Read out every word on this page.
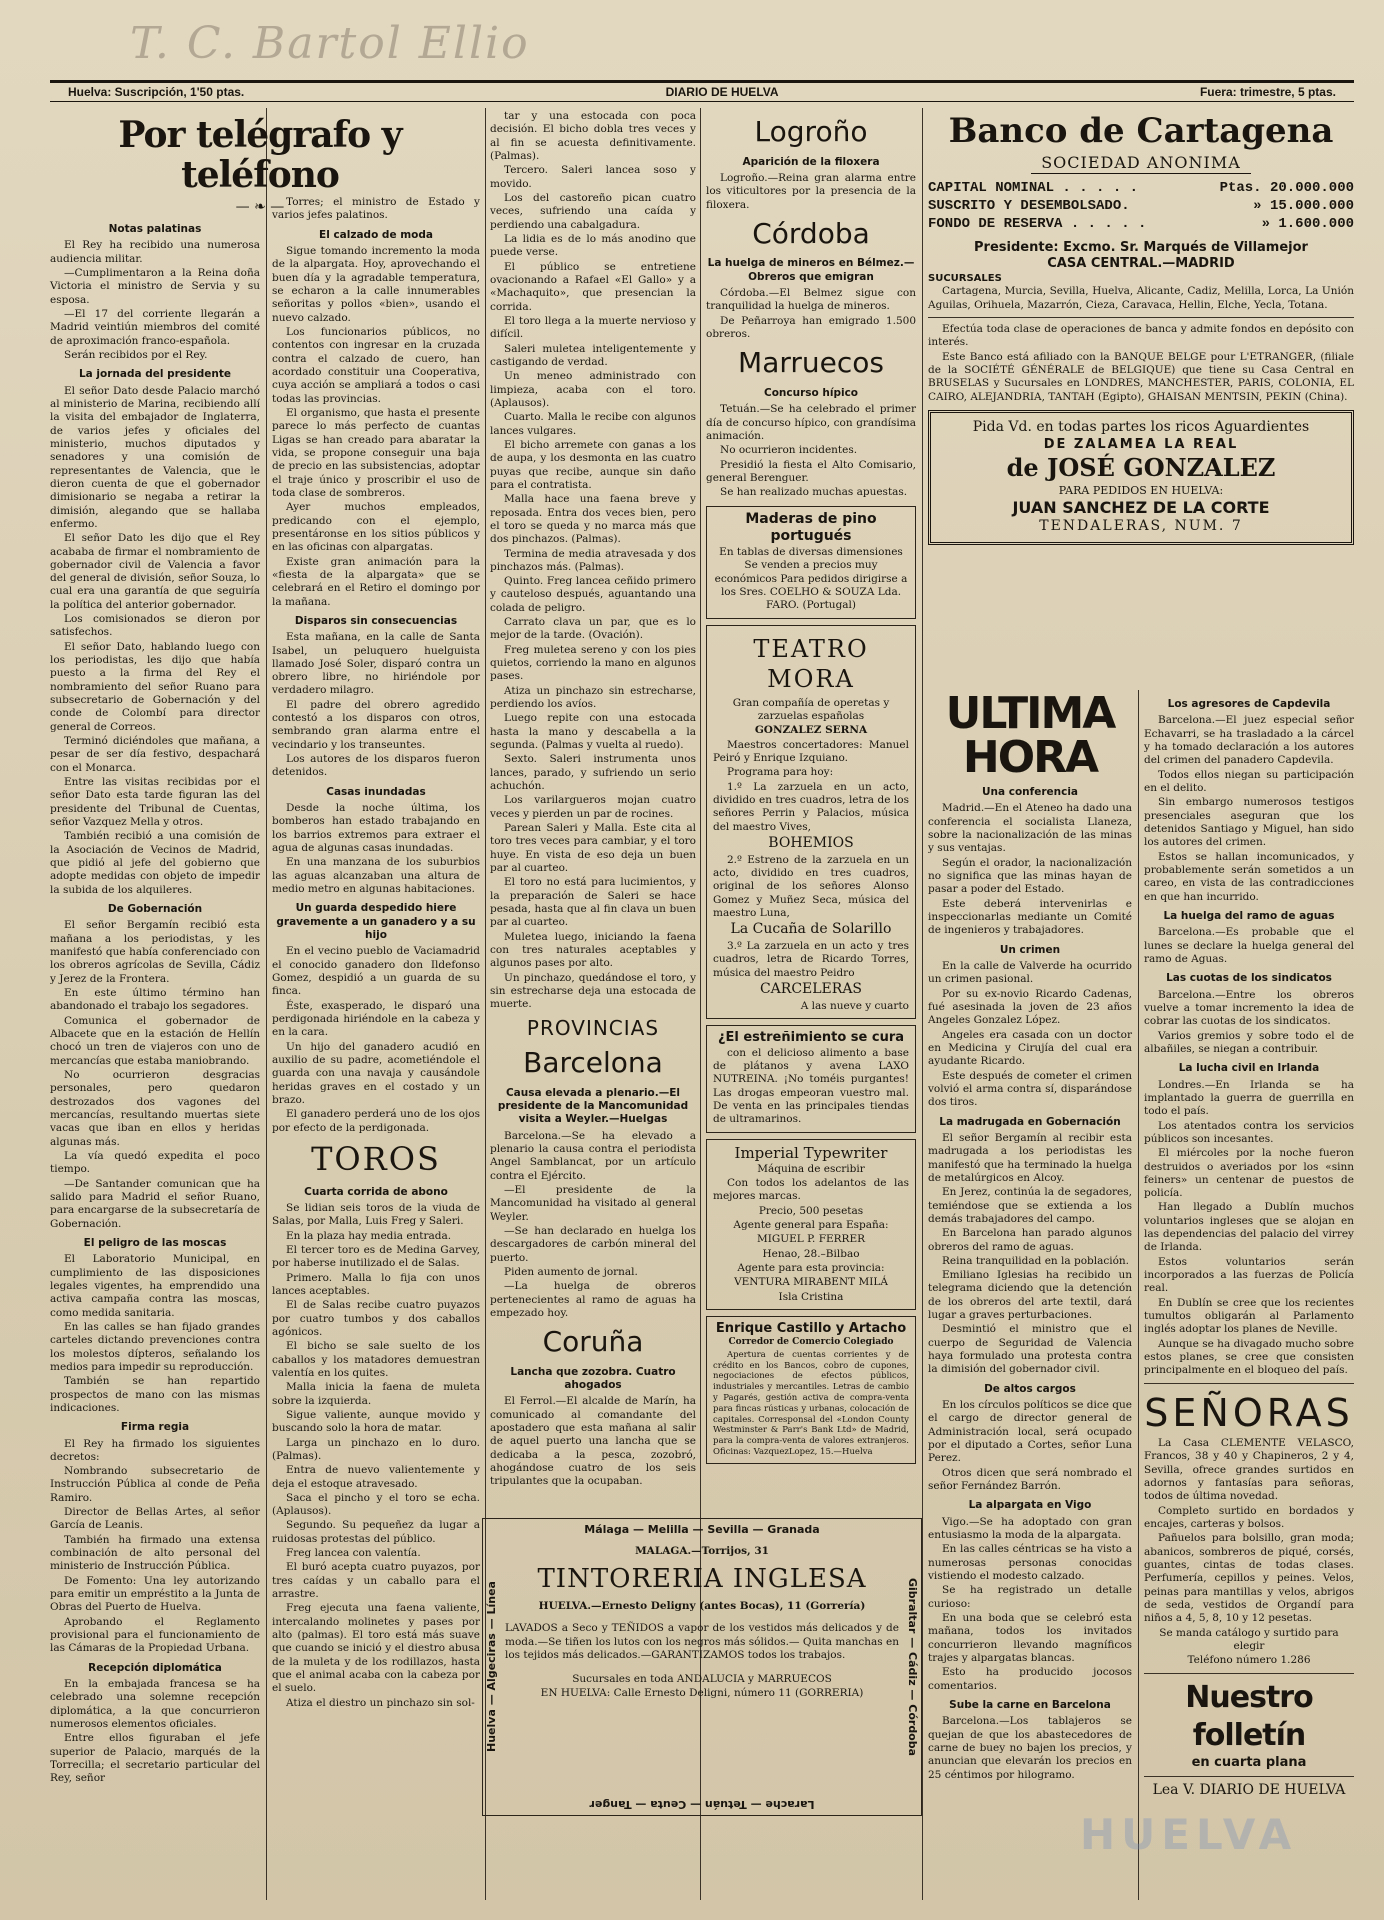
T. C. Bartol Ellio
Huelva: Suscripción, 1'50 ptas.	DIARIO DE HUELVA	Fuera: trimestre, 5 ptas.
Por telégrafo y teléfono
— ❧ —
Notas palatinas

El Rey ha recibido una numerosa audiencia militar.

—Cumplimentaron a la Reina doña Victoria el ministro de Servia y su esposa.

—El 17 del corriente llegarán a Madrid veintiún miembros del comité de aproximación franco-española.

Serán recibidos por el Rey.

La jornada del presidente

El señor Dato desde Palacio marchó al ministerio de Marina, recibiendo allí la visita del embajador de Inglaterra, de varios jefes y oficiales del ministerio, muchos diputados y senadores y una comisión de representantes de Valencia, que le dieron cuenta de que el gobernador dimisionario se negaba a retirar la dimisión, alegando que se hallaba enfermo.

El señor Dato les dijo que el Rey acababa de firmar el nombramiento de gobernador civil de Valencia a favor del general de división, señor Souza, lo cual era una garantía de que seguiría la política del anterior gobernador.

Los comisionados se dieron por satisfechos.

El señor Dato, hablando luego con los periodistas, les dijo que había puesto a la firma del Rey el nombramiento del señor Ruano para subsecretario de Gobernación y del conde de Colombí para director general de Correos.

Terminó diciéndoles que mañana, a pesar de ser día festivo, despachará con el Monarca.

Entre las visitas recibidas por el señor Dato esta tarde figuran las del presidente del Tribunal de Cuentas, señor Vazquez Mella y otros.

También recibió a una comisión de la Asociación de Vecinos de Madrid, que pidió al jefe del gobierno que adopte medidas con objeto de impedir la subida de los alquileres.

De Gobernación

El señor Bergamín recibió esta mañana a los periodistas, y les manifestó que había conferenciado con los obreros agrícolas de Sevilla, Cádiz y Jerez de la Frontera.

En este último término han abandonado el trabajo los segadores.

Comunica el gobernador de Albacete que en la estación de Hellín chocó un tren de viajeros con uno de mercancías que estaba maniobrando.

No ocurrieron desgracias personales, pero quedaron destrozados dos vagones del mercancías, resultando muertas siete vacas que iban en ellos y heridas algunas más.

La vía quedó expedita el poco tiempo.

—De Santander comunican que ha salido para Madrid el señor Ruano, para encargarse de la subsecretaría de Gobernación.

El peligro de las moscas

El Laboratorio Municipal, en cumplimiento de las disposiciones legales vigentes, ha emprendido una activa campaña contra las moscas, como medida sanitaria.

En las calles se han fijado grandes carteles dictando prevenciones contra los molestos dípteros, señalando los medios para impedir su reproducción.

También se han repartido prospectos de mano con las mismas indicaciones.

Firma regia

El Rey ha firmado los siguientes decretos:

Nombrando subsecretario de Instrucción Pública al conde de Peña Ramiro.

Director de Bellas Artes, al señor García de Leanis.

También ha firmado una extensa combinación de alto personal del ministerio de Instrucción Pública.

De Fomento: Una ley autorizando para emitir un empréstito a la Junta de Obras del Puerto de Huelva.

Aprobando el Reglamento provisional para el funcionamiento de las Cámaras de la Propiedad Urbana.

Recepción diplomática

En la embajada francesa se ha celebrado una solemne recepción diplomática, a la que concurrieron numerosos elementos oficiales.

Entre ellos figuraban el jefe superior de Palacio, marqués de la Torrecilla; el secretario particular del Rey, señor

Torres; el ministro de Estado y varios jefes palatinos.

El calzado de moda

Sigue tomando incremento la moda de la alpargata. Hoy, aprovechando el buen día y la agradable temperatura, se echaron a la calle innumerables señoritas y pollos «bien», usando el nuevo calzado.

Los funcionarios públicos, no contentos con ingresar en la cruzada contra el calzado de cuero, han acordado constituir una Cooperativa, cuya acción se ampliará a todos o casi todas las provincias.

El organismo, que hasta el presente parece lo más perfecto de cuantas Ligas se han creado para abaratar la vida, se propone conseguir una baja de precio en las subsistencias, adoptar el traje único y proscribir el uso de toda clase de sombreros.

Ayer muchos empleados, predicando con el ejemplo, presentáronse en los sitios públicos y en las oficinas con alpargatas.

Existe gran animación para la «fiesta de la alpargata» que se celebrará en el Retiro el domingo por la mañana.

Disparos sin consecuencias

Esta mañana, en la calle de Santa Isabel, un peluquero huelguista llamado José Soler, disparó contra un obrero libre, no hiriéndole por verdadero milagro.

El padre del obrero agredido contestó a los disparos con otros, sembrando gran alarma entre el vecindario y los transeuntes.

Los autores de los disparos fueron detenidos.

Casas inundadas

Desde la noche última, los bomberos han estado trabajando en los barrios extremos para extraer el agua de algunas casas inundadas.

En una manzana de los suburbios las aguas alcanzaban una altura de medio metro en algunas habitaciones.

Un guarda despedido hiere gravemente a un ganadero y a su hijo

En el vecino pueblo de Vaciamadrid el conocido ganadero don Ildefonso Gomez, despidió a un guarda de su finca.

Éste, exasperado, le disparó una perdigonada hiriéndole en la cabeza y en la cara.

Un hijo del ganadero acudió en auxilio de su padre, acometiéndole el guarda con una navaja y causándole heridas graves en el costado y un brazo.

El ganadero perderá uno de los ojos por efecto de la perdigonada.

TOROS
Cuarta corrida de abono

Se lidian seis toros de la viuda de Salas, por Malla, Luis Freg y Saleri.

En la plaza hay media entrada.

El tercer toro es de Medina Garvey, por haberse inutilizado el de Salas.

Primero. Malla lo fija con unos lances aceptables.

El de Salas recibe cuatro puyazos por cuatro tumbos y dos caballos agónicos.

El bicho se sale suelto de los caballos y los matadores demuestran valentía en los quites.

Malla inicia la faena de muleta sobre la izquierda.

Sigue valiente, aunque movido y buscando solo la hora de matar.

Larga un pinchazo en lo duro. (Palmas).

Entra de nuevo valientemente y deja el estoque atravesado.

Saca el pincho y el toro se echa. (Aplausos).

Segundo. Su pequeñez da lugar a ruidosas protestas del público.

Freg lancea con valentía.

El buró acepta cuatro puyazos, por tres caídas y un caballo para el arrastre.

Freg ejecuta una faena valiente, intercalando molinetes y pases por alto (palmas). El toro está más suave que cuando se inició y el diestro abusa de la muleta y de los rodillazos, hasta que el animal acaba con la cabeza por el suelo.

Atiza el diestro un pinchazo sin sol-

tar y una estocada con poca decisión. El bicho dobla tres veces y al fin se acuesta definitivamente. (Palmas).

Tercero. Saleri lancea soso y movido.

Los del castoreño pican cuatro veces, sufriendo una caída y perdiendo una cabalgadura.

La lidia es de lo más anodino que puede verse.

El público se entretiene ovacionando a Rafael «El Gallo» y a «Machaquito», que presencian la corrida.

El toro llega a la muerte nervioso y difícil.

Saleri muletea inteligentemente y castigando de verdad.

Un meneo administrado con limpieza, acaba con el toro. (Aplausos).

Cuarto. Malla le recibe con algunos lances vulgares.

El bicho arremete con ganas a los de aupa, y los desmonta en las cuatro puyas que recibe, aunque sin daño para el contratista.

Malla hace una faena breve y reposada. Entra dos veces bien, pero el toro se queda y no marca más que dos pinchazos. (Palmas).

Termina de media atravesada y dos pinchazos más. (Palmas).

Quinto. Freg lancea ceñido primero y cauteloso después, aguantando una colada de peligro.

Carrato clava un par, que es lo mejor de la tarde. (Ovación).

Freg muletea sereno y con los pies quietos, corriendo la mano en algunos pases.

Atiza un pinchazo sin estrecharse, perdiendo los avíos.

Luego repite con una estocada hasta la mano y descabella a la segunda. (Palmas y vuelta al ruedo).

Sexto. Saleri instrumenta unos lances, parado, y sufriendo un serio achuchón.

Los varilargueros mojan cuatro veces y pierden un par de rocines.

Parean Saleri y Malla. Este cita al toro tres veces para cambiar, y el toro huye. En vista de eso deja un buen par al cuarteo.

El toro no está para lucimientos, y la preparación de Saleri se hace pesada, hasta que al fin clava un buen par al cuarteo.

Muletea luego, iniciando la faena con tres naturales aceptables y algunos pases por alto.

Un pinchazo, quedándose el toro, y sin estrecharse deja una estocada de muerte.

PROVINCIAS
Barcelona
Causa elevada a plenario.—El presidente de la Mancomunidad visita a Weyler.—Huelgas

Barcelona.—Se ha elevado a plenario la causa contra el periodista Angel Samblancat, por un artículo contra el Ejército.

—El presidente de la Mancomunidad ha visitado al general Weyler.

—Se han declarado en huelga los descargadores de carbón mineral del puerto.

Piden aumento de jornal.

—La huelga de obreros pertenecientes al ramo de aguas ha empezado hoy.

Coruña
Lancha que zozobra. Cuatro ahogados

El Ferrol.—El alcalde de Marín, ha comunicado al comandante del apostadero que esta mañana al salir de aquel puerto una lancha que se dedicaba a la pesca, zozobró, ahogándose cuatro de los seis tripulantes que la ocupaban.

Logroño
Aparición de la filoxera

Logroño.—Reina gran alarma entre los viticultores por la presencia de la filoxera.

Córdoba
La huelga de mineros en Bélmez.—Obreros que emigran

Córdoba.—El Belmez sigue con tranquilidad la huelga de mineros.

De Peñarroya han emigrado 1.500 obreros.

Marruecos
Concurso hípico

Tetuán.—Se ha celebrado el primer día de concurso hípico, con grandísima animación.

No ocurrieron incidentes.

Presidió la fiesta el Alto Comisario, general Berenguer.

Se han realizado muchas apuestas.

Maderas de pino portugués

En tablas de diversas dimensiones Se venden a precios muy económicos Para pedidos dirigirse a los Sres. COELHO & SOUZA Lda. FARO. (Portugal)

TEATRO MORA

Gran compañía de operetas y zarzuelas españolas

GONZALEZ SERNA

Maestros concertadores: Manuel Peiró y Enrique Izquiano.

Programa para hoy:

1.º La zarzuela en un acto, dividido en tres cuadros, letra de los señores Perrin y Palacios, música del maestro Vives,

BOHEMIOS

2.º Estreno de la zarzuela en un acto, dividido en tres cuadros, original de los señores Alonso Gomez y Muñez Seca, música del maestro Luna,

La Cucaña de Solarillo

3.º La zarzuela en un acto y tres cuadros, letra de Ricardo Torres, música del maestro Peidro

CARCELERAS

A las nueve y cuarto

¿El estreñimiento se cura

con el delicioso alimento a base de plátanos y avena LAXO NUTREINA. ¡No toméis purgantes! Las drogas empeoran vuestro mal. De venta en las principales tiendas de ultramarinos.

Imperial Typewriter

Máquina de escribir

Con todos los adelantos de las mejores marcas.

Precio, 500 pesetas

Agente general para España:

MIGUEL P. FERRER

Henao, 28.–Bilbao

Agente para esta provincia:

VENTURA MIRABENT MILÁ

Isla Cristina

Enrique Castillo y Artacho

Corredor de Comercio Colegiado

Apertura de cuentas corrientes y de crédito en los Bancos, cobro de cupones, negociaciones de efectos públicos, industriales y mercantiles. Letras de cambio y Pagarés, gestión activa de compra-venta para fincas rústicas y urbanas, colocación de capitales. Corresponsal del «London County Westminster & Parr's Bank Ltd» de Madrid, para la compra-venta de valores extranjeros. Oficinas: VazquezLopez, 15.—Huelva

Málaga — Melilla — Sevilla — Granada
Larache — Tetuán — Ceuta — Tanger
Huelva — Algeciras — Línea	Gibraltar — Cádiz — Córdoba

MALAGA.—Torrijos, 31

TINTORERIA INGLESA

HUELVA.—Ernesto Deligny (antes Bocas), 11 (Gorrería)

LAVADOS a Seco y TEÑIDOS a vapor de los vestidos más delicados y de moda.—Se tiñen los lutos con los negros más sólidos.— Quita manchas en los tejidos más delicados.—GARANTIZAMOS todos los trabajos.

Sucursales en toda ANDALUCIA y MARRUECOS

EN HUELVA: Calle Ernesto Deligni, número 11 (GORRERIA)

Banco de Cartagena
SOCIEDAD ANONIMA
CAPITAL NOMINAL . . . . .	Ptas. 20.000.000
SUSCRITO Y DESEMBOLSADO.	» 15.000.000
FONDO DE RESERVA . . . . .	» 1.600.000
Presidente: Excmo. Sr. Marqués de Villamejor
CASA CENTRAL.—MADRID
SUCURSALES

Cartagena, Murcia, Sevilla, Huelva, Alicante, Cadiz, Melilla, Lorca, La Unión Aguilas, Orihuela, Mazarrón, Cieza, Caravaca, Hellin, Elche, Yecla, Totana.

Efectúa toda clase de operaciones de banca y admite fondos en depósito con interés.

Este Banco está afiliado con la BANQUE BELGE pour L'ETRANGER, (filiale de la SOCIÉTÉ GÉNÉRALE de BELGIQUE) que tiene su Casa Central en BRUSELAS y Sucursales en LONDRES, MANCHESTER, PARIS, COLONIA, EL CAIRO, ALEJANDRIA, TANTAH (Egipto), GHAISAN MENTSIN, PEKIN (China).

Pida Vd. en todas partes los ricos Aguardientes
DE ZALAMEA LA REAL
de JOSÉ GONZALEZ
PARA PEDIDOS EN HUELVA:
JUAN SANCHEZ DE LA CORTE
TENDALERAS, NUM. 7
ULTIMA HORA
Una conferencia

Madrid.—En el Ateneo ha dado una conferencia el socialista Llaneza, sobre la nacionalización de las minas y sus ventajas.

Según el orador, la nacionalización no significa que las minas hayan de pasar a poder del Estado.

Este deberá intervenirlas e inspeccionarlas mediante un Comité de ingenieros y trabajadores.

Un crimen

En la calle de Valverde ha ocurrido un crimen pasional.

Por su ex-novio Ricardo Cadenas, fué asesinada la joven de 23 años Angeles Gonzalez López.

Angeles era casada con un doctor en Medicina y Cirujía del cual era ayudante Ricardo.

Este después de cometer el crimen volvió el arma contra sí, disparándose dos tiros.

La madrugada en Gobernación

El señor Bergamín al recibir esta madrugada a los periodistas les manifestó que ha terminado la huelga de metalúrgicos en Alcoy.

En Jerez, continúa la de segadores, temiéndose que se extienda a los demás trabajadores del campo.

En Barcelona han parado algunos obreros del ramo de aguas.

Reina tranquilidad en la población.

Emiliano Iglesias ha recibido un telegrama diciendo que la detención de los obreros del arte textil, dará lugar a graves perturbaciones.

Desmintió el ministro que el cuerpo de Seguridad de Valencia haya formulado una protesta contra la dimisión del gobernador civil.

De altos cargos

En los círculos políticos se dice que el cargo de director general de Administración local, será ocupado por el diputado a Cortes, señor Luna Perez.

Otros dicen que será nombrado el señor Fernández Barrón.

La alpargata en Vigo

Vigo.—Se ha adoptado con gran entusiasmo la moda de la alpargata.

En las calles céntricas se ha visto a numerosas personas conocidas vistiendo el modesto calzado.

Se ha registrado un detalle curioso:

En una boda que se celebró esta mañana, todos los invitados concurrieron llevando magníficos trajes y alpargatas blancas.

Esto ha producido jocosos comentarios.

Sube la carne en Barcelona

Barcelona.—Los tablajeros se quejan de que los abastecedores de carne de buey no bajen los precios, y anuncian que elevarán los precios en 25 céntimos por hilogramo.

Los agresores de Capdevila

Barcelona.—El juez especial señor Echavarri, se ha trasladado a la cárcel y ha tomado declaración a los autores del crimen del panadero Capdevila.

Todos ellos niegan su participación en el delito.

Sin embargo numerosos testigos presenciales aseguran que los detenidos Santiago y Miguel, han sido los autores del crimen.

Estos se hallan incomunicados, y probablemente serán sometidos a un careo, en vista de las contradicciones en que han incurrido.

La huelga del ramo de aguas

Barcelona.—Es probable que el lunes se declare la huelga general del ramo de Aguas.

Las cuotas de los sindicatos

Barcelona.—Entre los obreros vuelve a tomar incremento la idea de cobrar las cuotas de los sindicatos.

Varios gremios y sobre todo el de albañiles, se niegan a contribuir.

La lucha civil en Irlanda

Londres.—En Irlanda se ha implantado la guerra de guerrilla en todo el país.

Los atentados contra los servicios públicos son incesantes.

El miércoles por la noche fueron destruidos o averiados por los «sinn feiners» un centenar de puestos de policía.

Han llegado a Dublín muchos voluntarios ingleses que se alojan en las dependencias del palacio del virrey de Irlanda.

Estos voluntarios serán incorporados a las fuerzas de Policía real.

En Dublín se cree que los recientes tumultos obligarán al Parlamento inglés adoptar los planes de Neville.

Aunque se ha divagado mucho sobre estos planes, se cree que consisten principalmente en el bloqueo del país.

SEÑORAS

La Casa CLEMENTE VELASCO, Francos, 38 y 40 y Chapineros, 2 y 4, Sevilla, ofrece grandes surtidos en adornos y fantasías para señoras, todos de última novedad.

Completo surtido en bordados y encajes, carteras y bolsos.

Pañuelos para bolsillo, gran moda; abanicos, sombreros de piqué, corsés, guantes, cintas de todas clases. Perfumería, cepillos y peines. Velos, peinas para mantillas y velos, abrigos de seda, vestidos de Organdí para niños a 4, 5, 8, 10 y 12 pesetas.

Se manda catálogo y surtido para elegir

Teléfono número 1.286

Nuestro folletín
en cuarta plana
Lea V. DIARIO DE HUELVA
HUELVA
